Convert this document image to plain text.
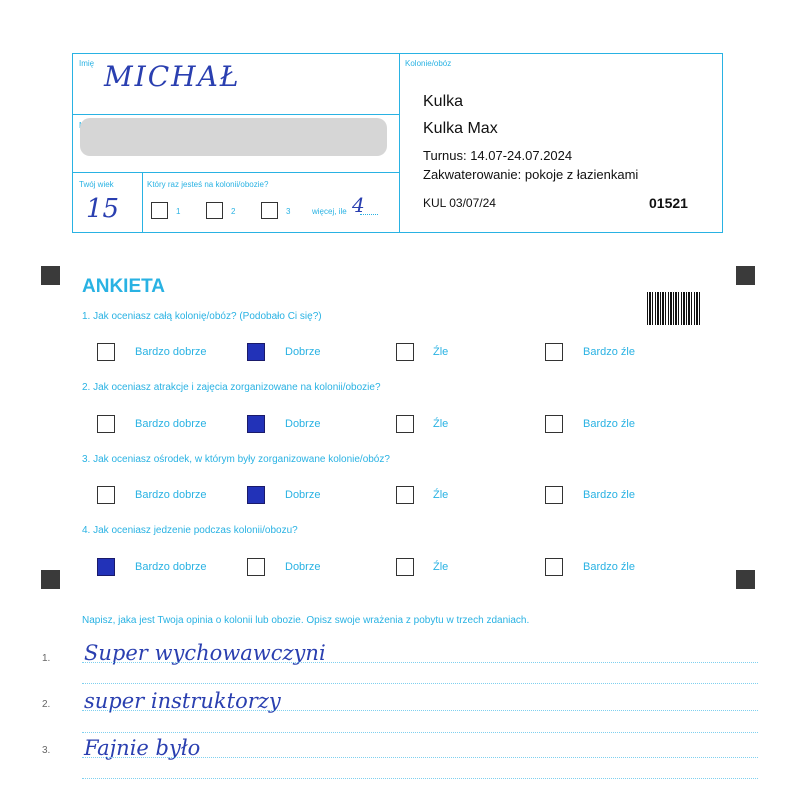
Imię MICHAŁ
Twój wiek
15
Który raz jesteś na kolonii/obozie?
1	2	3	więcej, ile 4
Kolonie/obóz
Kulka
Kulka Max
Turnus: 14.07-24.07.2024
Zakwaterowanie: pokoje z łazienkami
KUL 03/07/24	01521
ANKIETA
1. Jak oceniasz całą kolonię/obóz? (Podobało Ci się?)
Bardzo dobrze	Dobrze	Źle	Bardzo źle
2. Jak oceniasz atrakcje i zajęcia zorganizowane na kolonii/obozie?
Bardzo dobrze	Dobrze	Źle	Bardzo źle
3. Jak oceniasz ośrodek, w którym były zorganizowane kolonie/obóz?
Bardzo dobrze	Dobrze	Źle	Bardzo źle
4. Jak oceniasz jedzenie podczas kolonii/obozu?
Bardzo dobrze	Dobrze	Źle	Bardzo źle
Napisz, jaka jest Twoja opinia o kolonii lub obozie. Opisz swoje wrażenia z pobytu w trzech zdaniach.
1. Super wychowawczyni
2. super instruktorzy
3. Fajnie było
